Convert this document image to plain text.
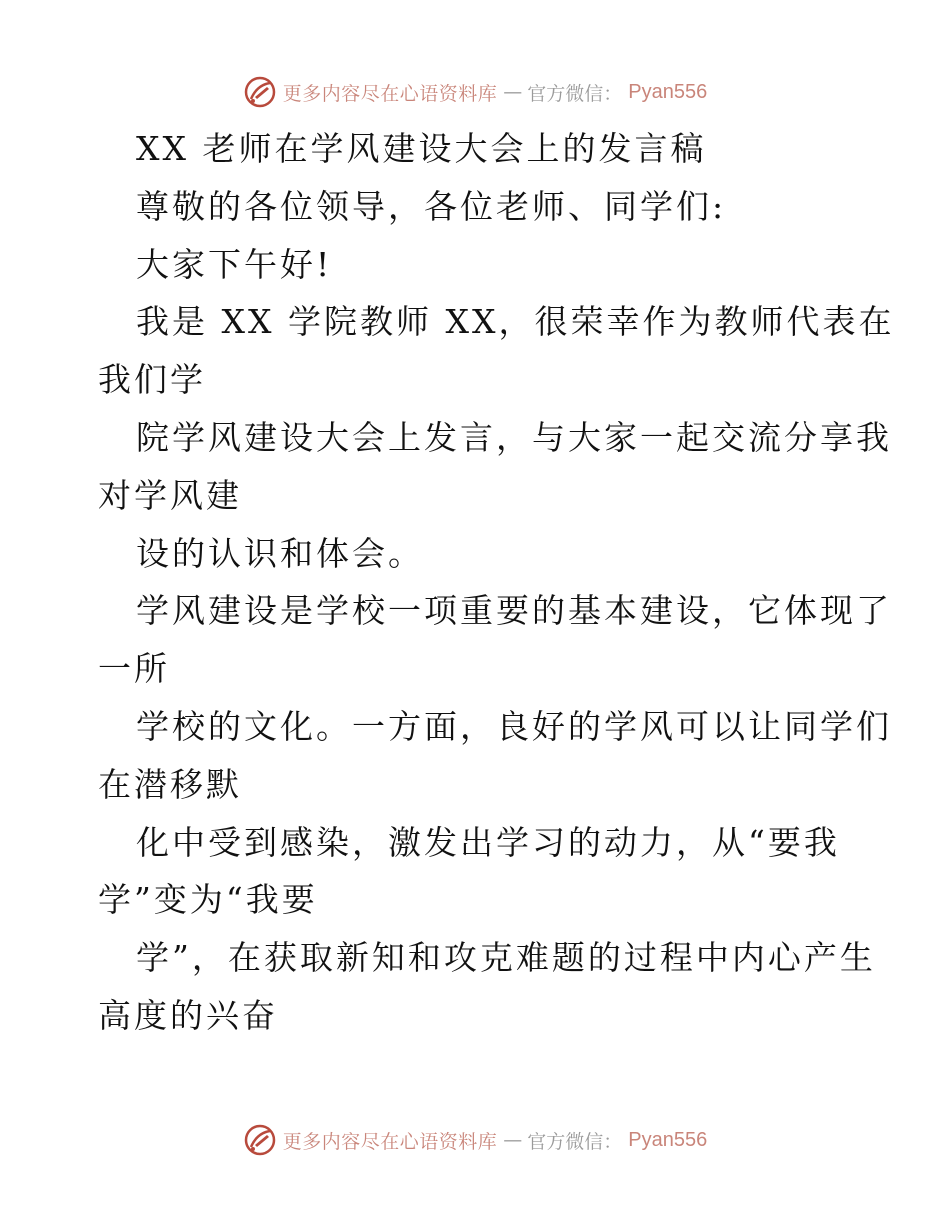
更多内容尽在心语资料库 — 官方微信： Pyan556
XX 老师在学风建设大会上的发言稿
尊敬的各位领导，各位老师、同学们:
大家下午好!
我是 XX 学院教师 XX，很荣幸作为教师代表在
我们学
院学风建设大会上发言，与大家一起交流分享我
对学风建
设的认识和体会。
学风建设是学校一项重要的基本建设，它体现了
一所
学校的文化。一方面，良好的学风可以让同学们
在潜移默
化中受到感染，激发出学习的动力，从“要我
学”变为“我要
学”，在获取新知和攻克难题的过程中内心产生
高度的兴奋
更多内容尽在心语资料库 — 官方微信： Pyan556
